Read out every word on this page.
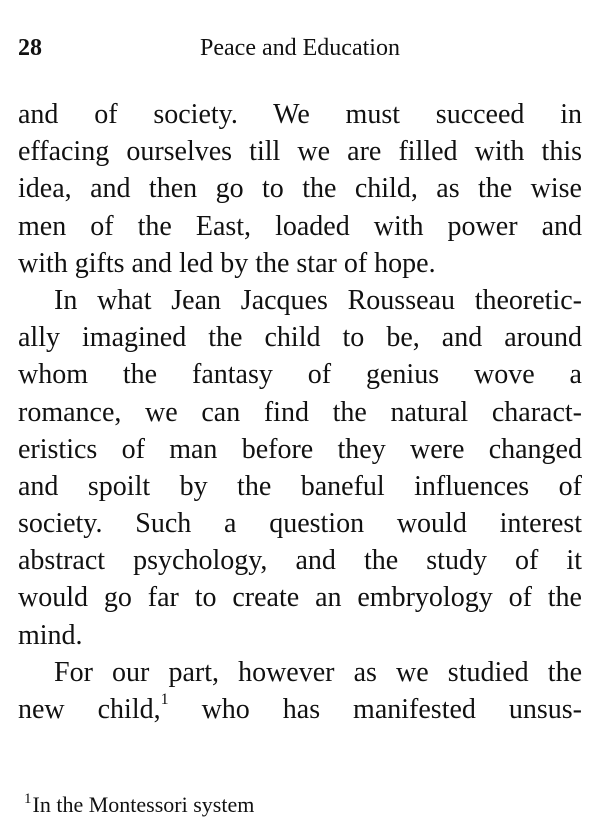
28	Peace and Education
and of society. We must succeed in
effacing ourselves till we are filled with this
idea, and then go to the child, as the wise
men of the East, loaded with power and
with gifts and led by the star of hope.
In what Jean Jacques Rousseau theoretic-
ally imagined the child to be, and around
whom the fantasy of genius wove a
romance, we can find the natural charact-
eristics of man before they were changed
and spoilt by the baneful influences of
society. Such a question would interest
abstract psychology, and the study of it
would go far to create an embryology of the
mind.
For our part, however as we studied the
new child,$^1$ who has manifested unsus-
$^1$In the Montessori system
